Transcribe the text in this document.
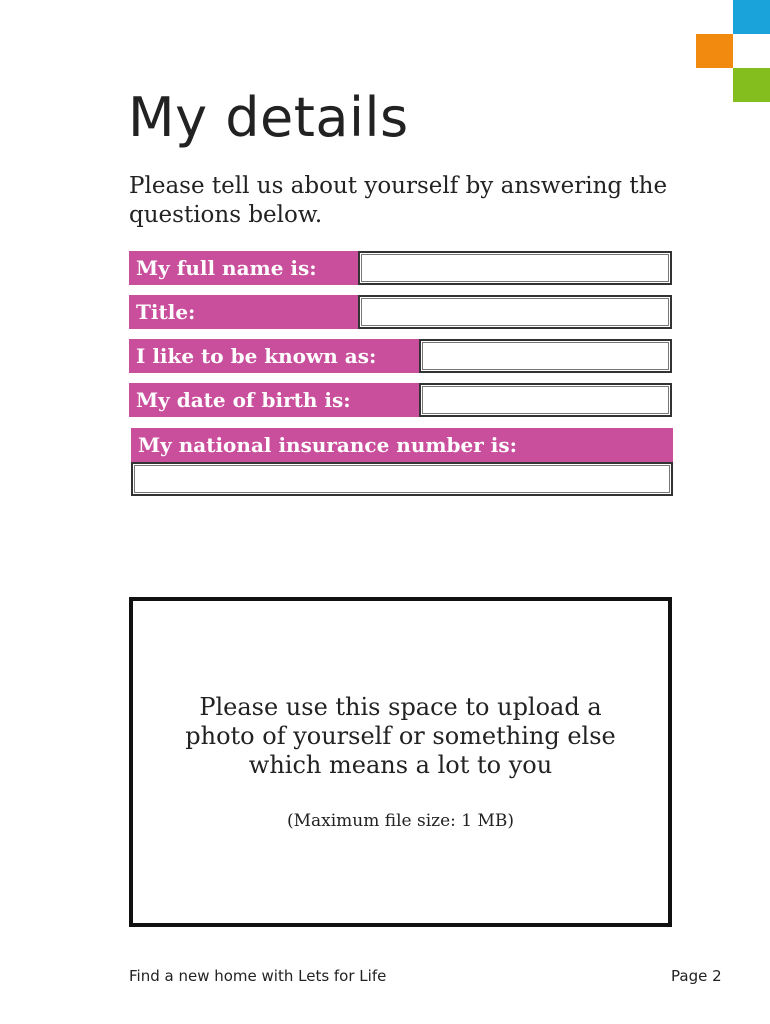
My details

Please tell us about yourself by answering the questions below.

My full name is:
Title:
I like to be known as:
My date of birth is:
My national insurance number is:
Please use this space to upload a photo of yourself or something else which means a lot to you
(Maximum file size: 1 MB)
Find a new home with Lets for Life	Page 2
